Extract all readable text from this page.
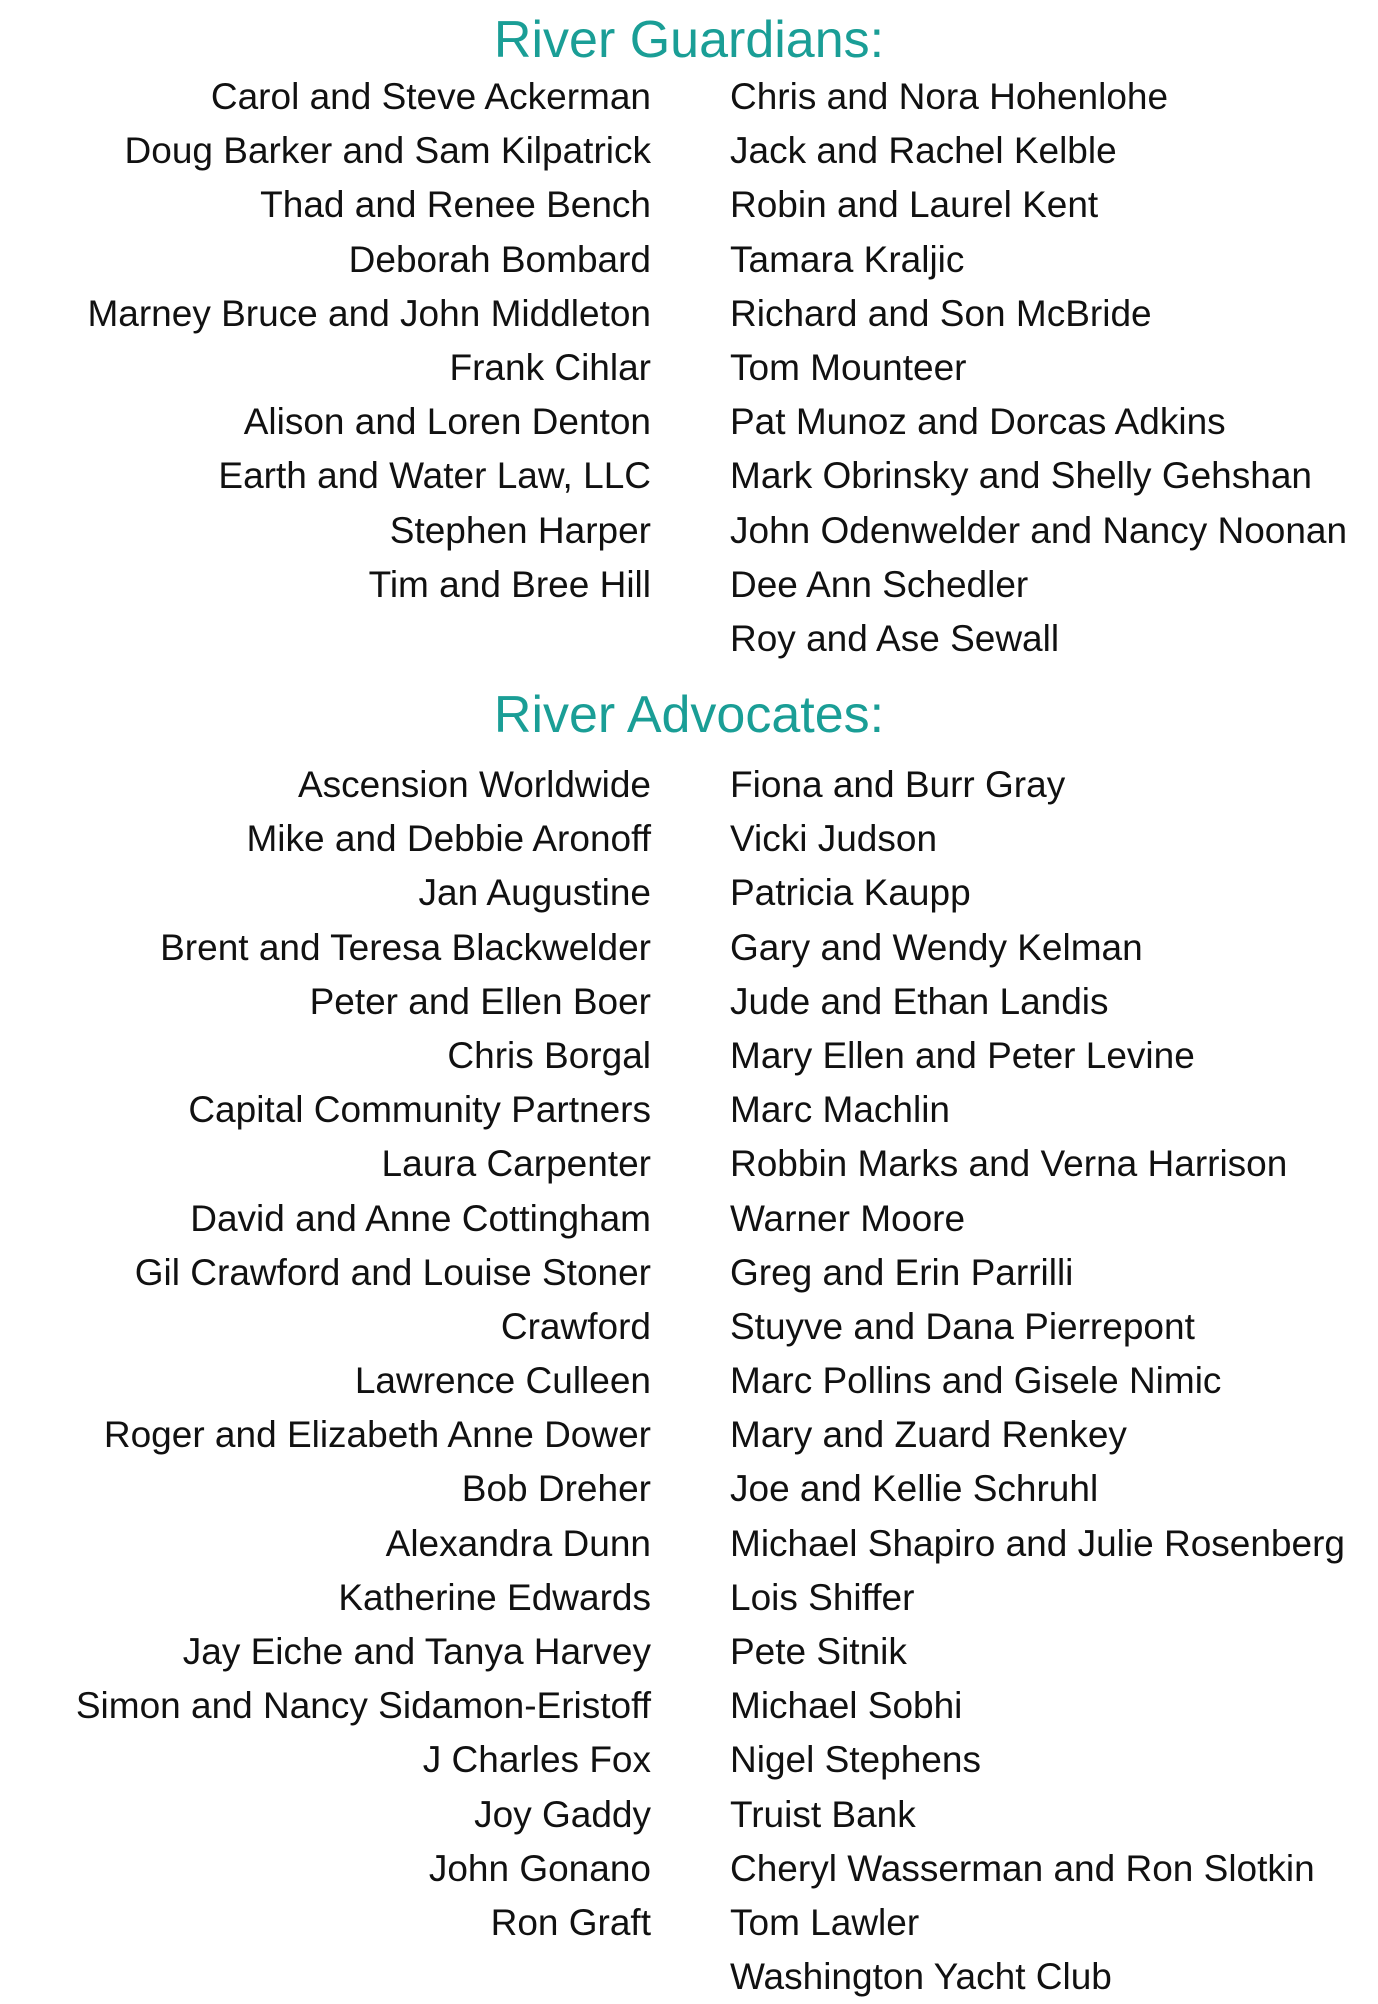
River Guardians:
Carol and Steve Ackerman
Doug Barker and Sam Kilpatrick
Thad and Renee Bench
Deborah Bombard
Marney Bruce and John Middleton
Frank Cihlar
Alison and Loren Denton
Earth and Water Law, LLC
Stephen Harper
Tim and Bree Hill
Chris and Nora Hohenlohe
Jack and Rachel Kelble
Robin and Laurel Kent
Tamara Kraljic
Richard and Son McBride
Tom Mounteer
Pat Munoz and Dorcas Adkins
Mark Obrinsky and Shelly Gehshan
John Odenwelder and Nancy Noonan
Dee Ann Schedler
Roy and Ase Sewall
River Advocates:
Ascension Worldwide
Mike and Debbie Aronoff
Jan Augustine
Brent and Teresa Blackwelder
Peter and Ellen Boer
Chris Borgal
Capital Community Partners
Laura Carpenter
David and Anne Cottingham
Gil Crawford and Louise Stoner
Crawford
Lawrence Culleen
Roger and Elizabeth Anne Dower
Bob Dreher
Alexandra Dunn
Katherine Edwards
Jay Eiche and Tanya Harvey
Simon and Nancy Sidamon-Eristoff
J Charles Fox
Joy Gaddy
John Gonano
Ron Graft
Fiona and Burr Gray
Vicki Judson
Patricia Kaupp
Gary and Wendy Kelman
Jude and Ethan Landis
Mary Ellen and Peter Levine
Marc Machlin
Robbin Marks and Verna Harrison
Warner Moore
Greg and Erin Parrilli
Stuyve and Dana Pierrepont
Marc Pollins and Gisele Nimic
Mary and Zuard Renkey
Joe and Kellie Schruhl
Michael Shapiro and Julie Rosenberg
Lois Shiffer
Pete Sitnik
Michael Sobhi
Nigel Stephens
Truist Bank
Cheryl Wasserman and Ron Slotkin
Tom Lawler
Washington Yacht Club
